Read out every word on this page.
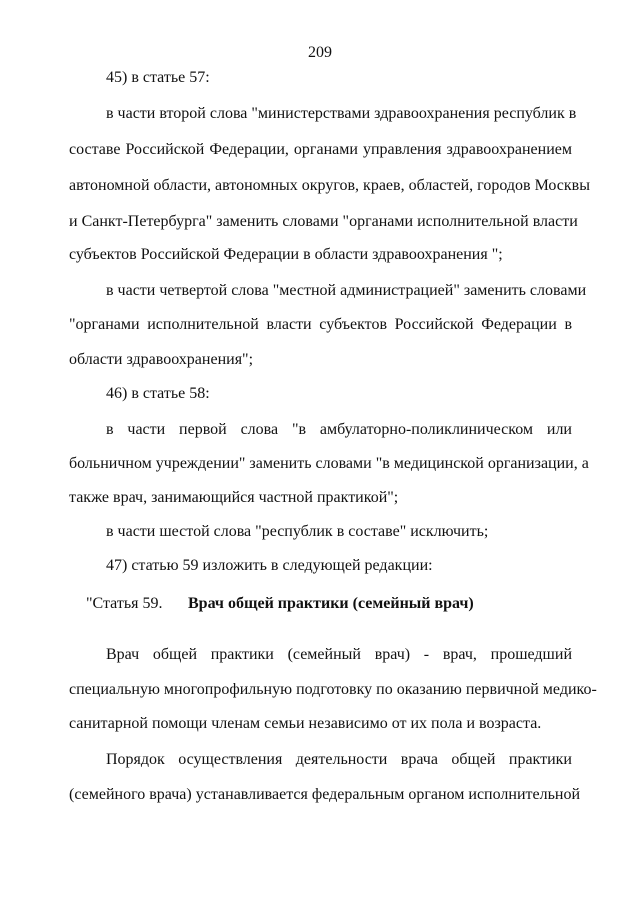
209
45) в статье 57:
в части второй слова "министерствами здравоохранения республик в
составе Российской Федерации, органами управления здравоохранением
автономной области, автономных округов, краев, областей, городов Москвы
и Санкт-Петербурга" заменить словами "органами исполнительной власти
субъектов Российской Федерации в области здравоохранения ";
в части четвертой слова "местной администрацией" заменить словами
"органами исполнительной власти субъектов Российской Федерации в
области здравоохранения";
46) в статье 58:
в части первой слова "в амбулаторно-поликлиническом или
больничном учреждении" заменить словами "в медицинской организации, а
также врач, занимающийся частной практикой";
в части шестой слова "республик в составе" исключить;
47) статью 59 изложить в следующей редакции:
"Статья 59. Врач общей практики (семейный врач)
Врач общей практики (семейный врач) - врач, прошедший
специальную многопрофильную подготовку по оказанию первичной медико-
санитарной помощи членам семьи независимо от их пола и возраста.
Порядок осуществления деятельности врача общей практики
(семейного врача) устанавливается федеральным органом исполнительной
